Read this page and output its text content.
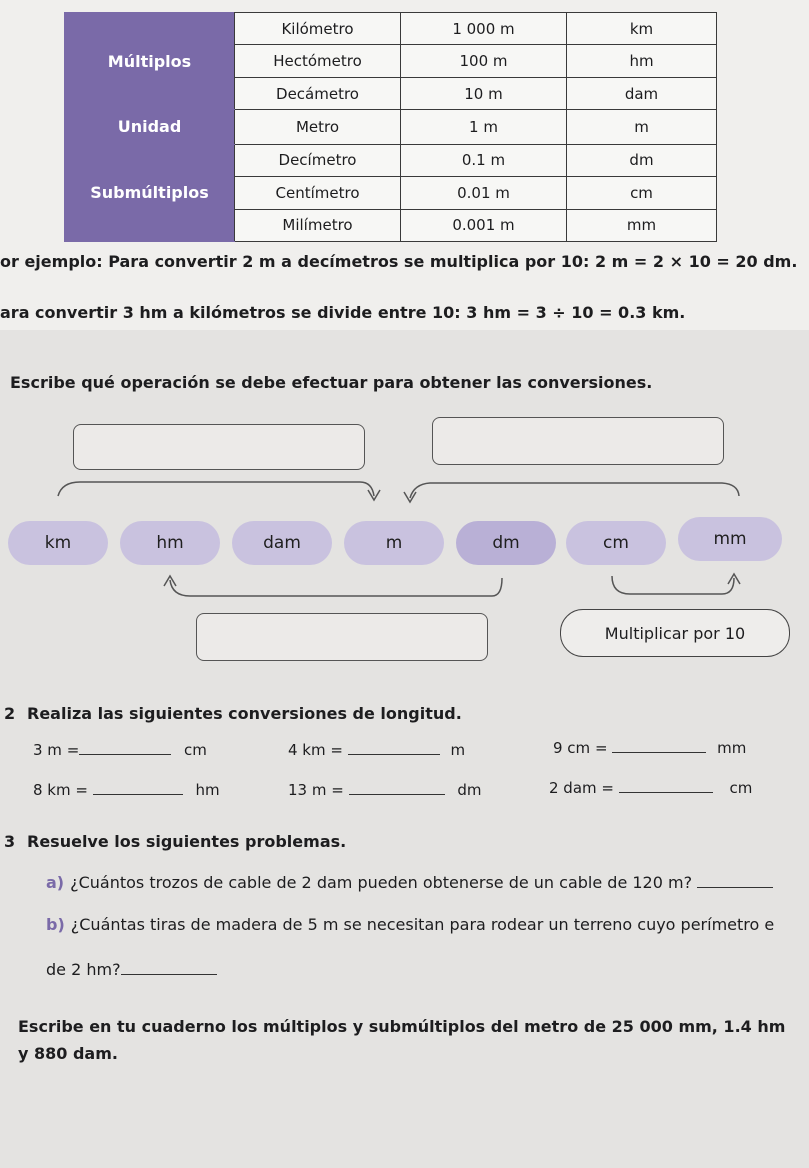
Múltiplos	Kilómetro	1 000 m	km
	Hectómetro	100 m	hm
	Decámetro	10 m	dam
Unidad	Metro	1 m	m
Submúltiplos	Decímetro	0.1 m	dm
	Centímetro	0.01 m	cm
	Milímetro	0.001 m	mm
or ejemplo: Para convertir 2 m a decímetros se multiplica por 10: 2 m = 2 × 10 = 20 dm.
ara convertir 3 hm a kilómetros se divide entre 10: 3 hm = 3 ÷ 10 = 0.3 km.
Escribe qué operación se debe efectuar para obtener las conversiones.
km	hm	dam	m	dm	cm	mm
Multiplicar por 10
2 Realiza las siguientes conversiones de longitud.
3 m =	cm	4 km =	m	9 cm =	mm
8 km =	hm	13 m =	dm	2 dam =	cm
3 Resuelve los siguientes problemas.
a) ¿Cuántos trozos de cable de 2 dam pueden obtenerse de un cable de 120 m?
b) ¿Cuántas tiras de madera de 5 m se necesitan para rodear un terreno cuyo perímetro e
de 2 hm?
Escribe en tu cuaderno los múltiplos y submúltiplos del metro de 25 000 mm, 1.4 hm
y 880 dam.
